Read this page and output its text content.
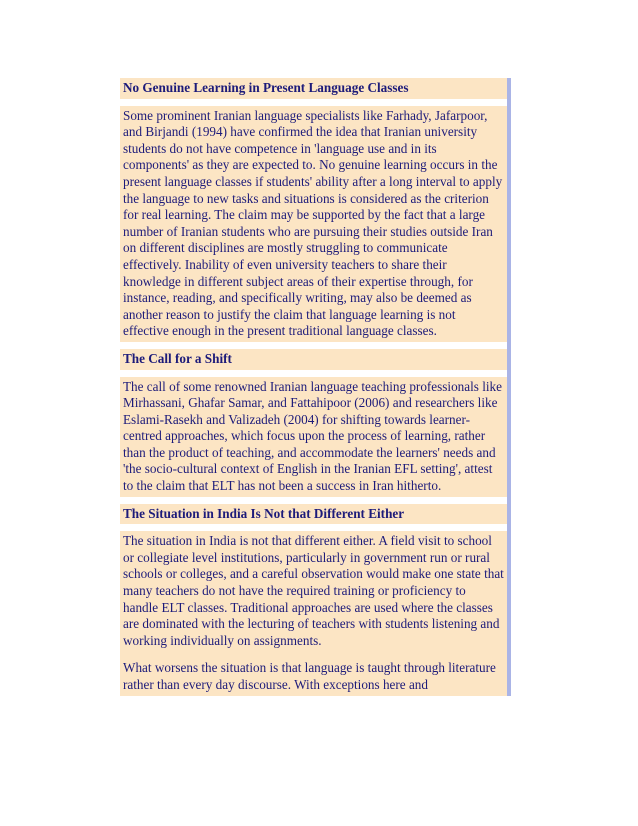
No Genuine Learning in Present Language Classes
Some prominent Iranian language specialists like Farhady, Jafarpoor, and Birjandi (1994) have confirmed the idea that Iranian university students do not have competence in 'language use and in its components' as they are expected to. No genuine learning occurs in the present language classes if students' ability after a long interval to apply the language to new tasks and situations is considered as the criterion for real learning. The claim may be supported by the fact that a large number of Iranian students who are pursuing their studies outside Iran on different disciplines are mostly struggling to communicate effectively. Inability of even university teachers to share their knowledge in different subject areas of their expertise through, for instance, reading, and specifically writing, may also be deemed as another reason to justify the claim that language learning is not effective enough in the present traditional language classes.
The Call for a Shift
The call of some renowned Iranian language teaching professionals like Mirhassani, Ghafar Samar, and Fattahipoor (2006) and researchers like Eslami-Rasekh and Valizadeh (2004) for shifting towards learner-centred approaches, which focus upon the process of learning, rather than the product of teaching, and accommodate the learners' needs and 'the socio-cultural context of English in the Iranian EFL setting', attest to the claim that ELT has not been a success in Iran hitherto.
The Situation in India Is Not that Different Either
The situation in India is not that different either. A field visit to school or collegiate level institutions, particularly in government run or rural schools or colleges, and a careful observation would make one state that many teachers do not have the required training or proficiency to handle ELT classes. Traditional approaches are used where the classes are dominated with the lecturing of teachers with students listening and working individually on assignments.
What worsens the situation is that language is taught through literature rather than every day discourse. With exceptions here and
